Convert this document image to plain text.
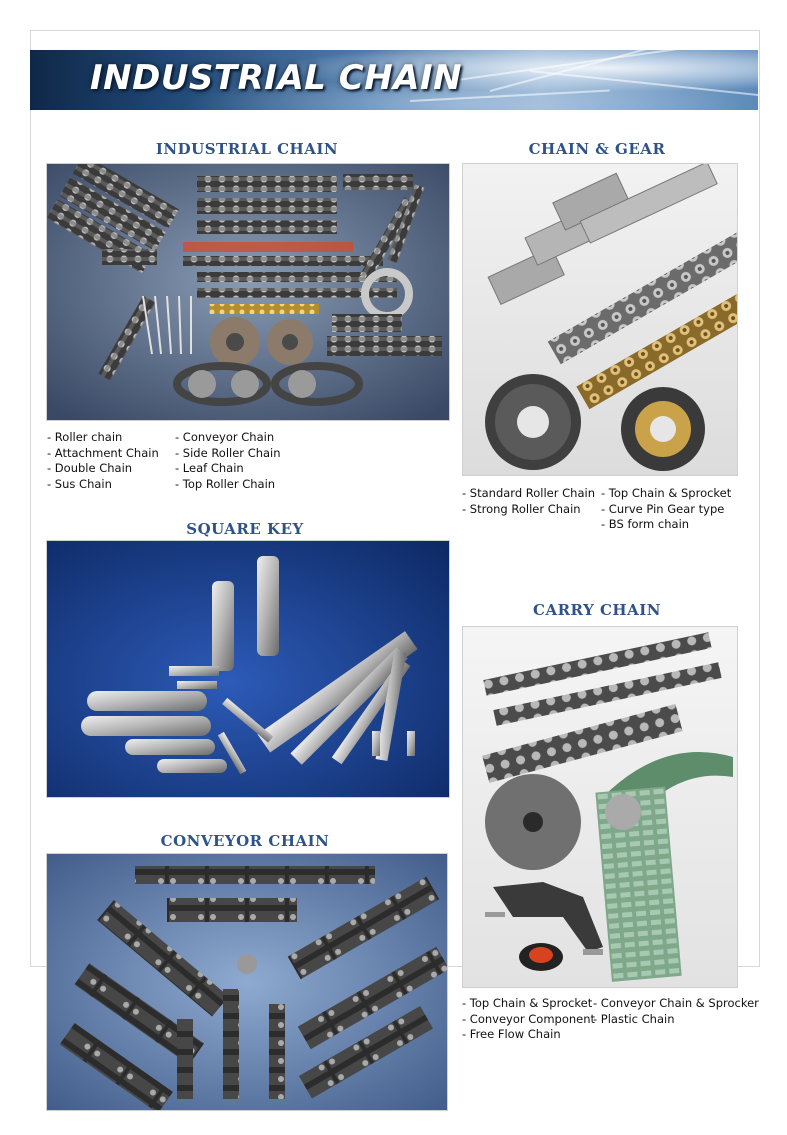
INDUSTRIAL CHAIN
INDUSTRIAL CHAIN
- Roller chain
- Attachment Chain
- Double Chain
- Sus Chain
- Conveyor Chain
- Side Roller Chain
- Leaf Chain
- Top Roller Chain
CHAIN & GEAR
- Standard Roller Chain
- Strong Roller Chain
- Top Chain & Sprocket
- Curve Pin Gear type
- BS form chain
SQUARE KEY
CARRY CHAIN
- Top Chain & Sprocket
- Conveyor Component
- Free Flow Chain
- Conveyor Chain & Sprocker
- Plastic Chain
CONVEYOR CHAIN
